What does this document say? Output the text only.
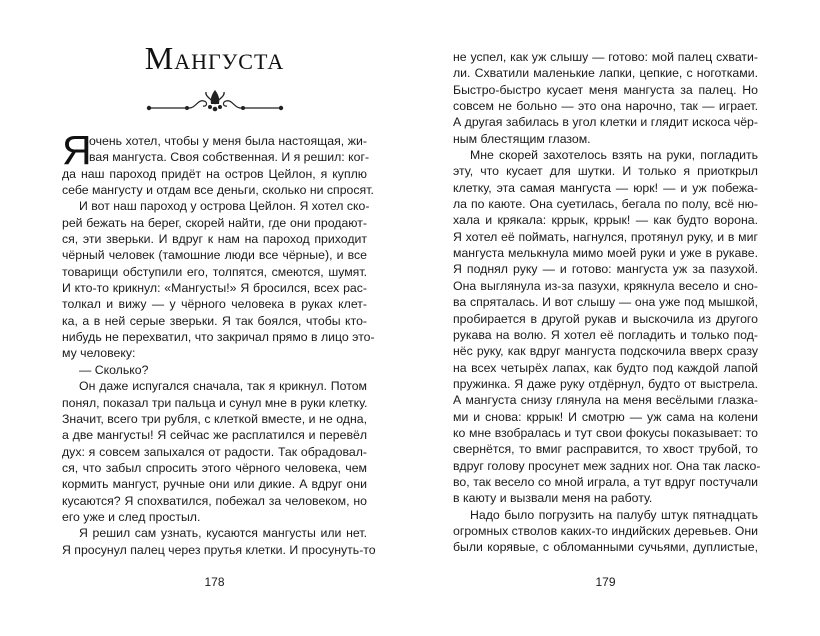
Мангуста
Я
очень хотел, чтобы у меня была настоящая, жи-
вая мангуста. Своя собственная. И я решил: ког-
да наш пароход придёт на остров Цейлон, я куплю
себе мангусту и отдам все деньги, сколько ни спросят.
И вот наш пароход у острова Цейлон. Я хотел ско-
рей бежать на берег, скорей найти, где они продают-
ся, эти зверьки. И вдруг к нам на пароход приходит
чёрный человек (тамошние люди все чёрные), и все
товарищи обступили его, толпятся, смеются, шумят.
И кто-то крикнул: «Мангусты!» Я бросился, всех рас-
толкал и вижу — у чёрного человека в руках клет-
ка, а в ней серые зверьки. Я так боялся, чтобы кто-
нибудь не перехватил, что закричал прямо в лицо это-
му человеку:
— Сколько?
Он даже испугался сначала, так я крикнул. Потом
понял, показал три пальца и сунул мне в руки клетку.
Значит, всего три рубля, с клеткой вместе, и не одна,
а две мангусты! Я сейчас же расплатился и перевёл
дух: я совсем запыхался от радости. Так обрадовал-
ся, что забыл спросить этого чёрного человека, чем
кормить мангуст, ручные они или дикие. А вдруг они
кусаются? Я спохватился, побежал за человеком, но
его уже и след простыл.
Я решил сам узнать, кусаются мангусты или нет.
Я просунул палец через прутья клетки. И просунуть-то
178
не успел, как уж слышу — готово: мой палец схвати-
ли. Схватили маленькие лапки, цепкие, с ноготками.
Быстро-быстро кусает меня мангуста за палец. Но
совсем не больно — это она нарочно, так — играет.
А другая забилась в угол клетки и глядит искоса чёр-
ным блестящим глазом.
Мне скорей захотелось взять на руки, погладить
эту, что кусает для шутки. И только я приоткрыл
клетку, эта самая мангуста — юрк! — и уж побежа-
ла по каюте. Она суетилась, бегала по полу, всё ню-
хала и крякала: кррык, кррык! — как будто ворона.
Я хотел её поймать, нагнулся, протянул руку, и в миг
мангуста мелькнула мимо моей руки и уже в рукаве.
Я поднял руку — и готово: мангуста уж за пазухой.
Она выглянула из-за пазухи, крякнула весело и сно-
ва спряталась. И вот слышу — она уже под мышкой,
пробирается в другой рукав и выскочила из другого
рукава на волю. Я хотел её погладить и только под-
нёс руку, как вдруг мангуста подскочила вверх сразу
на всех четырёх лапах, как будто под каждой лапой
пружинка. Я даже руку отдёрнул, будто от выстрела.
А мангуста снизу глянула на меня весёлыми глазка-
ми и снова: кррык! И смотрю — уж сама на колени
ко мне взобралась и тут свои фокусы показывает: то
свернётся, то вмиг расправится, то хвост трубой, то
вдруг голову просунет меж задних ног. Она так ласко-
во, так весело со мной играла, а тут вдруг постучали
в каюту и вызвали меня на работу.
Надо было погрузить на палубу штук пятнадцать
огромных стволов каких-то индийских деревьев. Они
были корявые, с обломанными сучьями, дуплистые,
179
